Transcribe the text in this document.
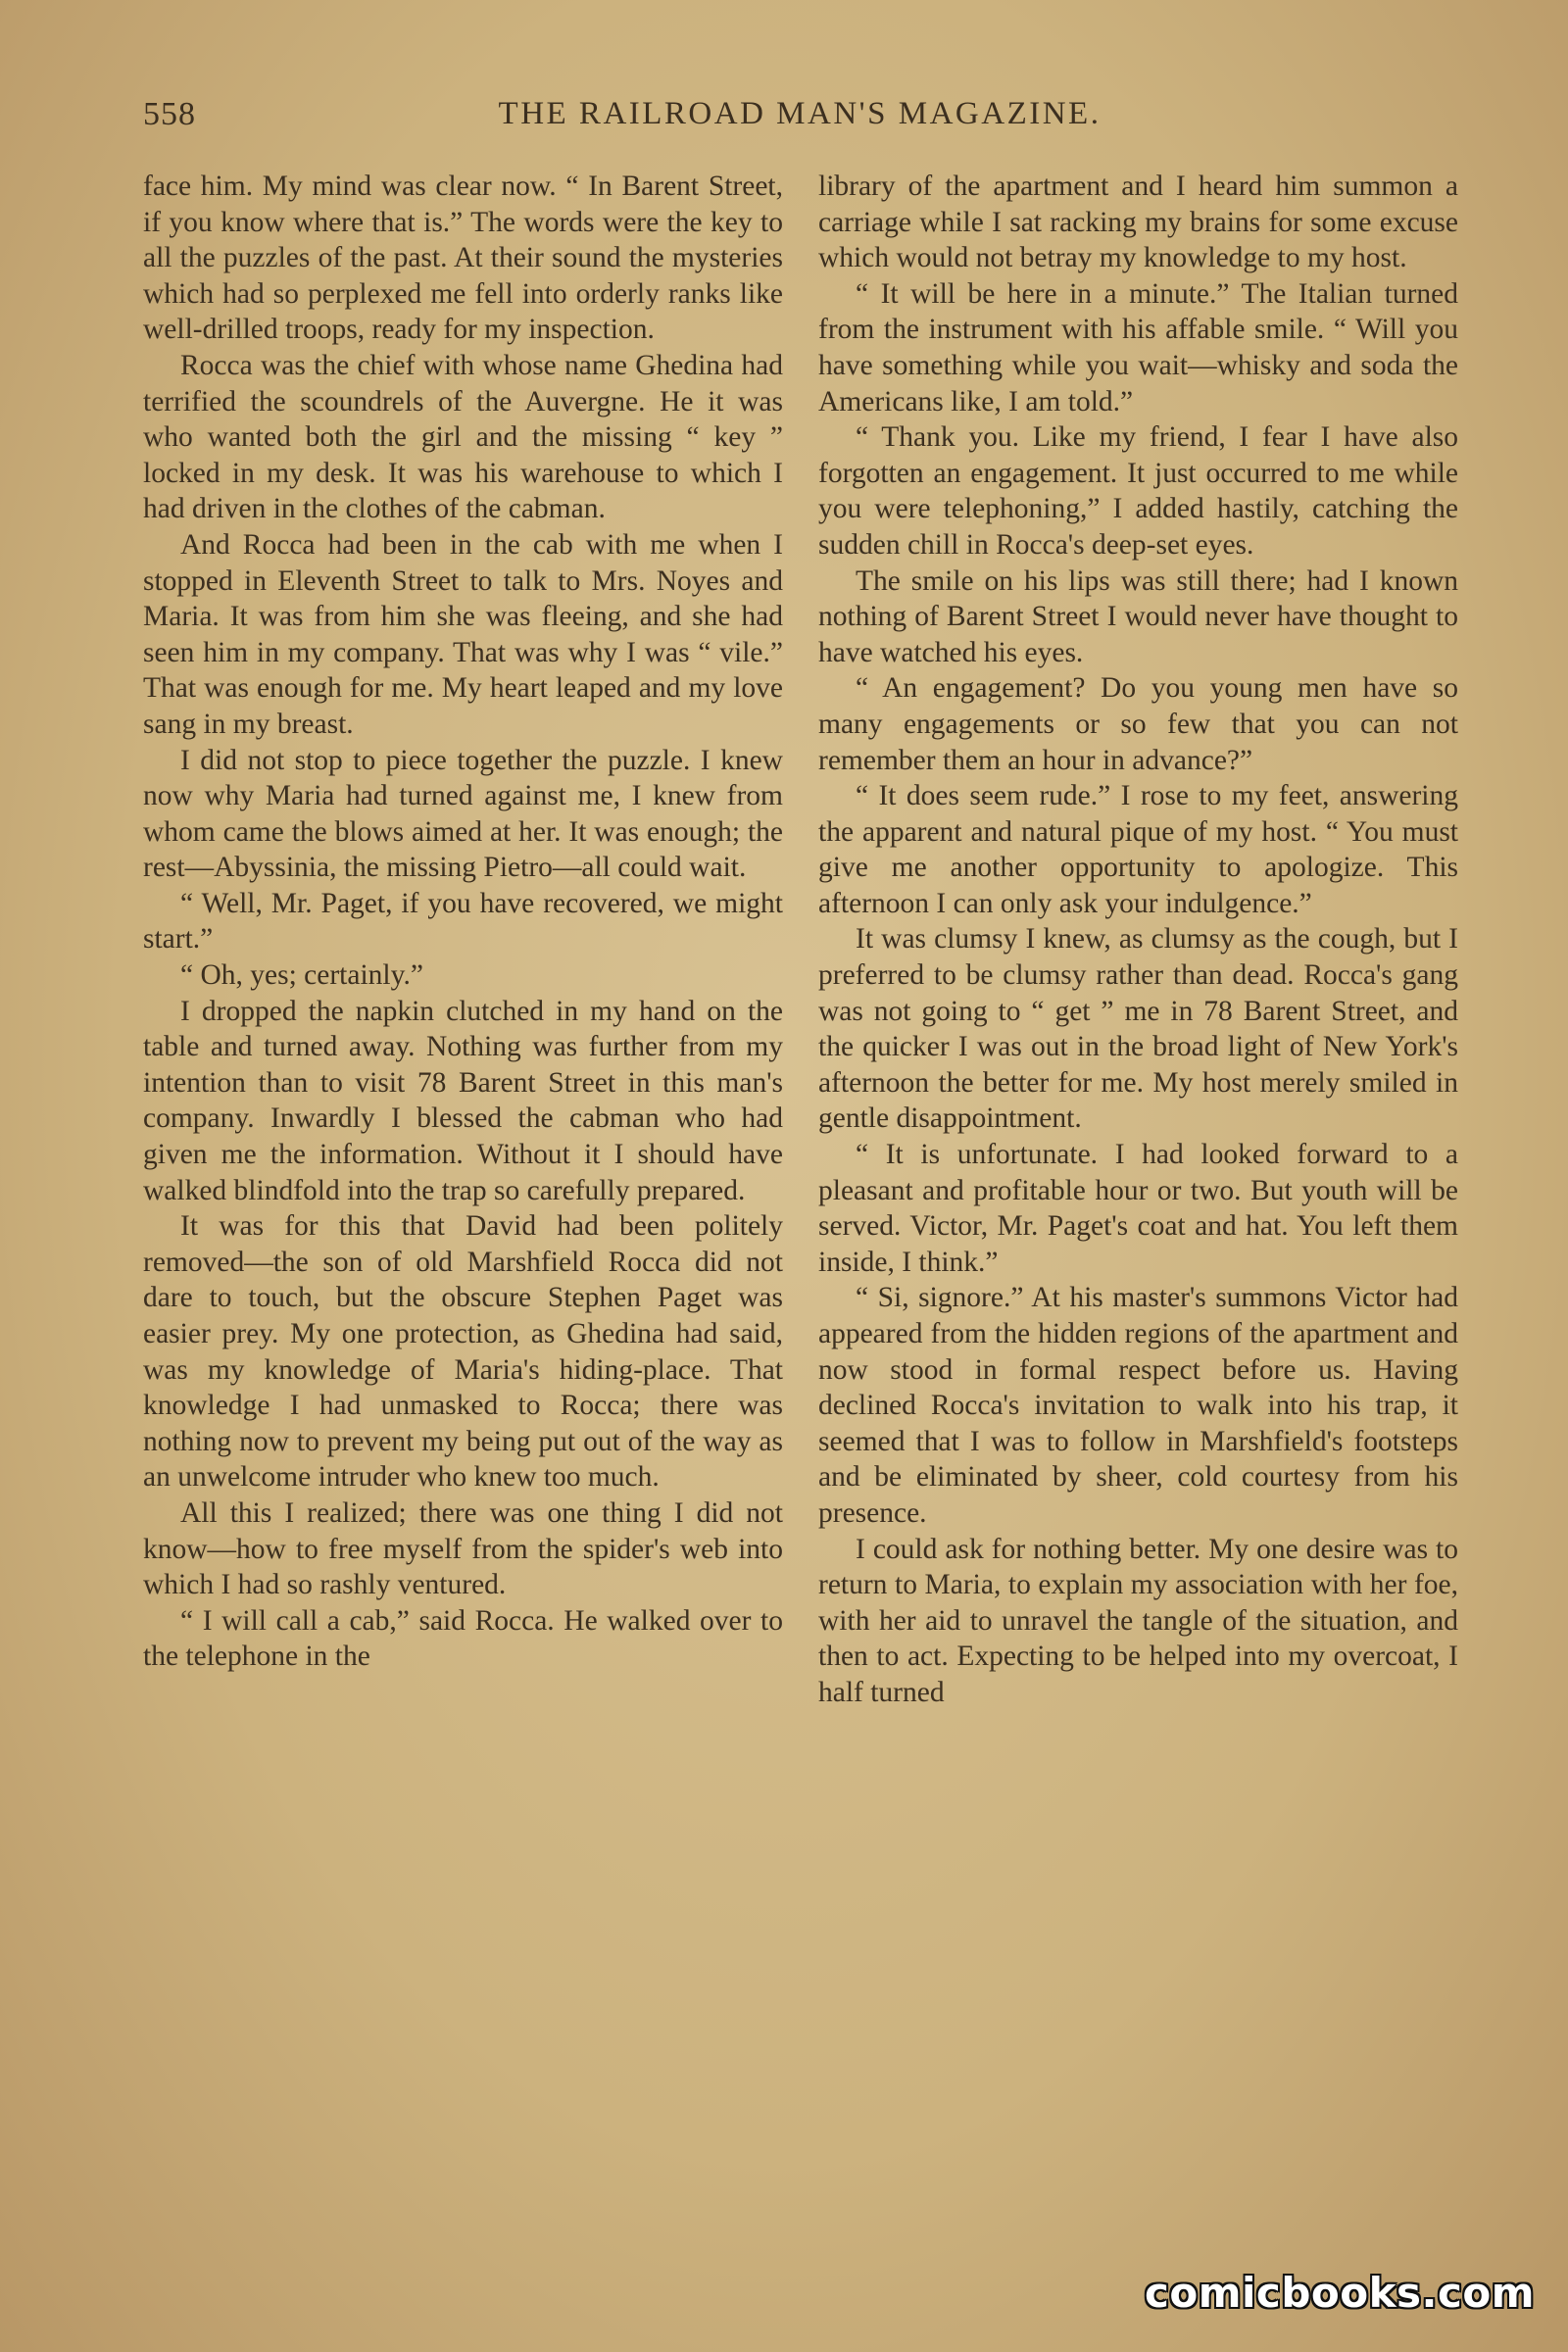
558	THE RAILROAD MAN'S MAGAZINE.

face him. My mind was clear now. “ In Barent Street, if you know where that is.” The words were the key to all the puzzles of the past. At their sound the mysteries which had so perplexed me fell into orderly ranks like well-drilled troops, ready for my inspection.

Rocca was the chief with whose name Ghedina had terrified the scoundrels of the Auvergne. He it was who wanted both the girl and the missing “ key ” locked in my desk. It was his warehouse to which I had driven in the clothes of the cabman.

And Rocca had been in the cab with me when I stopped in Eleventh Street to talk to Mrs. Noyes and Maria. It was from him she was fleeing, and she had seen him in my company. That was why I was “ vile.” That was enough for me. My heart leaped and my love sang in my breast.

I did not stop to piece together the puzzle. I knew now why Maria had turned against me, I knew from whom came the blows aimed at her. It was enough; the rest—Abyssinia, the missing Pietro—all could wait.

“ Well, Mr. Paget, if you have recovered, we might start.”

“ Oh, yes; certainly.”

I dropped the napkin clutched in my hand on the table and turned away. Nothing was further from my intention than to visit 78 Barent Street in this man's company. Inwardly I blessed the cabman who had given me the information. Without it I should have walked blindfold into the trap so carefully prepared.

It was for this that David had been politely removed—the son of old Marshfield Rocca did not dare to touch, but the obscure Stephen Paget was easier prey. My one protection, as Ghedina had said, was my knowledge of Maria's hiding-place. That knowledge I had unmasked to Rocca; there was nothing now to prevent my being put out of the way as an unwelcome intruder who knew too much.

All this I realized; there was one thing I did not know—how to free myself from the spider's web into which I had so rashly ventured.

“ I will call a cab,” said Rocca. He walked over to the telephone in the

library of the apartment and I heard him summon a carriage while I sat racking my brains for some excuse which would not betray my knowledge to my host.

“ It will be here in a minute.” The Italian turned from the instrument with his affable smile. “ Will you have something while you wait—whisky and soda the Americans like, I am told.”

“ Thank you. Like my friend, I fear I have also forgotten an engagement. It just occurred to me while you were telephoning,” I added hastily, catching the sudden chill in Rocca's deep-set eyes.

The smile on his lips was still there; had I known nothing of Barent Street I would never have thought to have watched his eyes.

“ An engagement? Do you young men have so many engagements or so few that you can not remember them an hour in advance?”

“ It does seem rude.” I rose to my feet, answering the apparent and natural pique of my host. “ You must give me another opportunity to apologize. This afternoon I can only ask your indulgence.”

It was clumsy I knew, as clumsy as the cough, but I preferred to be clumsy rather than dead. Rocca's gang was not going to “ get ” me in 78 Barent Street, and the quicker I was out in the broad light of New York's afternoon the better for me. My host merely smiled in gentle disappointment.

“ It is unfortunate. I had looked forward to a pleasant and profitable hour or two. But youth will be served. Victor, Mr. Paget's coat and hat. You left them inside, I think.”

“ Si, signore.” At his master's summons Victor had appeared from the hidden regions of the apartment and now stood in formal respect before us. Having declined Rocca's invitation to walk into his trap, it seemed that I was to follow in Marshfield's footsteps and be eliminated by sheer, cold courtesy from his presence.

I could ask for nothing better. My one desire was to return to Maria, to explain my association with her foe, with her aid to unravel the tangle of the situation, and then to act. Expecting to be helped into my overcoat, I half turned

comicbooks.com
